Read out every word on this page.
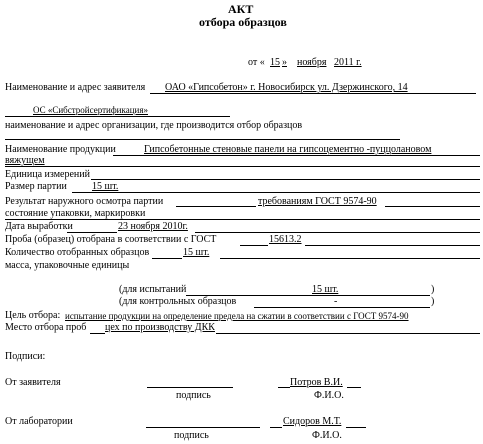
АКТ
отбора образцов
от « 15 » ноября 2011 г.
Наименование и адрес заявителя ОАО «Гипсобетон» г. Новосибирск ул. Дзержинского, 14
ОС «Сибстройсертификация»
наименование и адрес организации, где производится отбор образцов
Наименование продукции	Гипсобетонные стеновые панели на гипсоцементно -пуццолановом
вяжущем
Единица измерений
Размер партии	15 шт.
Результат наружного осмотра партии	требованиям ГОСТ 9574-90
состояние упаковки, маркировки
Дата выработки	23 ноября 2010г.
Проба (образец) отобрана в соответствии с ГОСТ	15613.2
Количество отобранных образцов	15 шт.
масса, упаковочные единицы
(для испытаний	15 шт.	)
(для контрольных образцов	-	)
Цель отбора: испытание продукции на определение предела на сжатии в соответствии с ГОСТ 9574-90
Место отбора проб цех по производству ДКК
Подписи:
От заявителя	Потров В.И.
подпись	Ф.И.О.
От лаборатории	Сидоров М.Т.
подпись	Ф.И.О.
